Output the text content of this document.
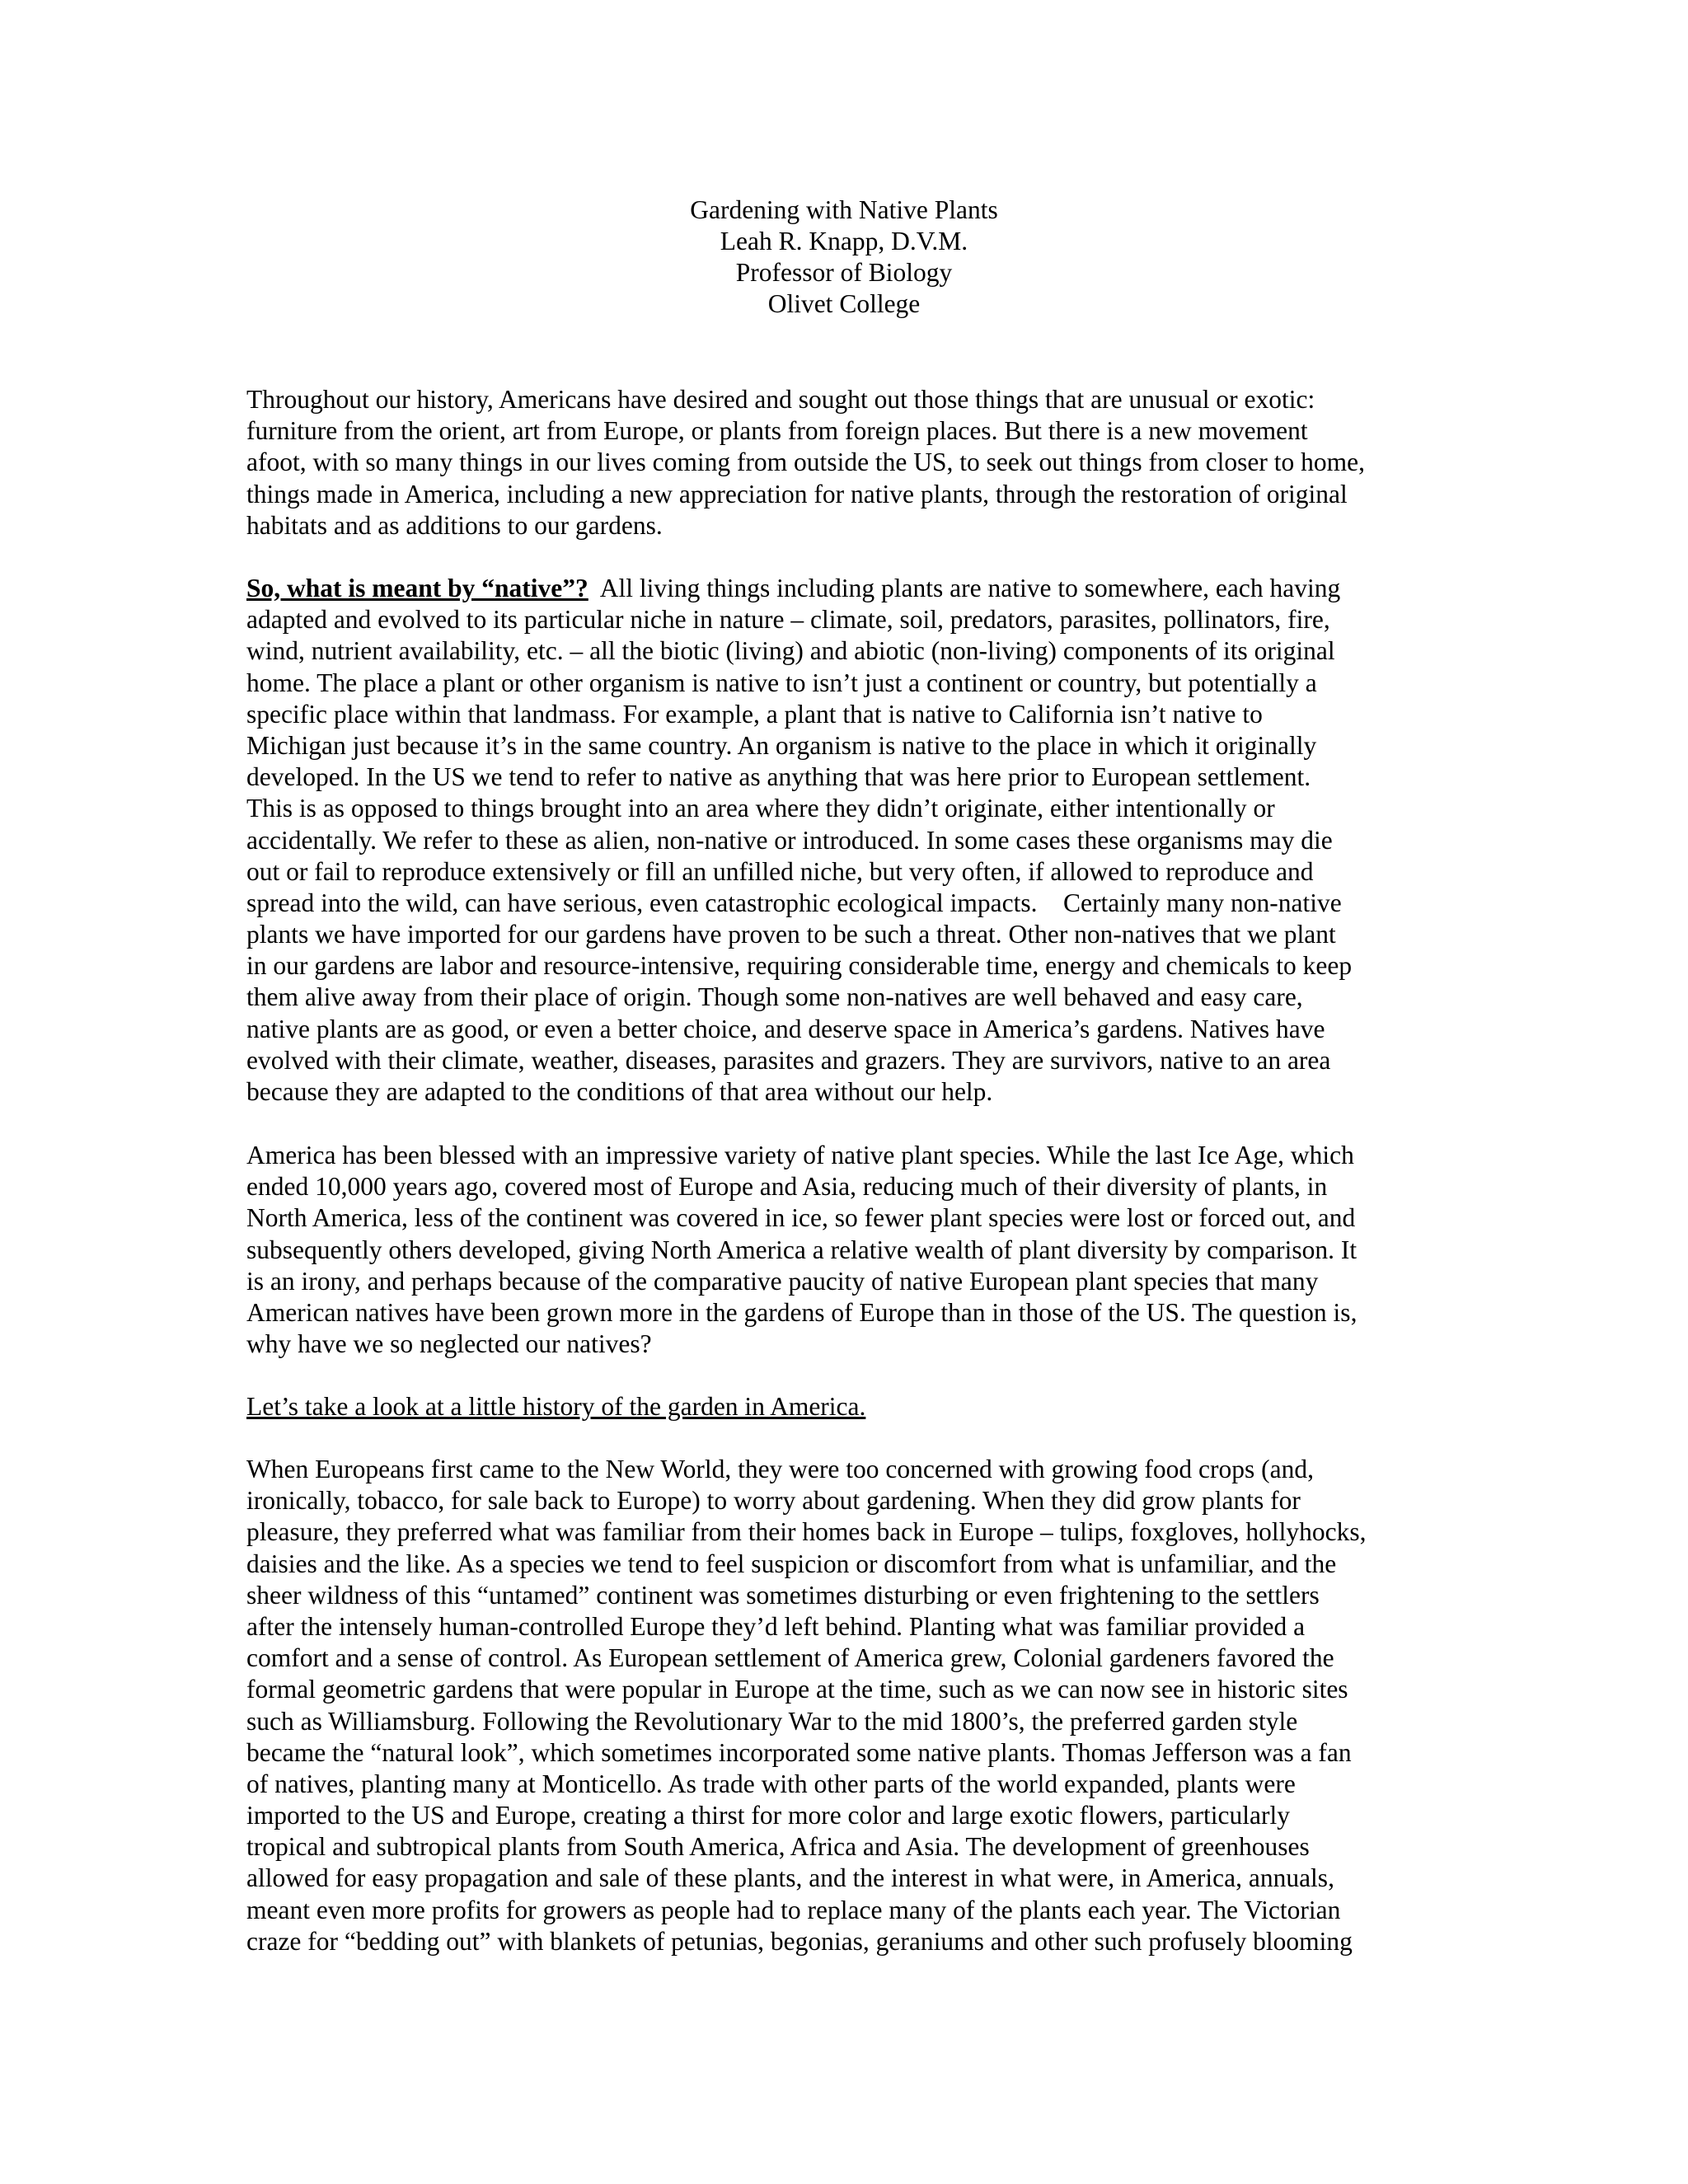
Gardening with Native Plants
Leah R. Knapp, D.V.M.
Professor of Biology
Olivet College
Throughout our history, Americans have desired and sought out those things that are unusual or exotic:
furniture from the orient, art from Europe, or plants from foreign places. But there is a new movement
afoot, with so many things in our lives coming from outside the US, to seek out things from closer to home,
things made in America, including a new appreciation for native plants, through the restoration of original
habitats and as additions to our gardens.
So, what is meant by “native”?  All living things including plants are native to somewhere, each having
adapted and evolved to its particular niche in nature – climate, soil, predators, parasites, pollinators, fire,
wind, nutrient availability, etc. – all the biotic (living) and abiotic (non-living) components of its original
home. The place a plant or other organism is native to isn’t just a continent or country, but potentially a
specific place within that landmass. For example, a plant that is native to California isn’t native to
Michigan just because it’s in the same country. An organism is native to the place in which it originally
developed. In the US we tend to refer to native as anything that was here prior to European settlement.
This is as opposed to things brought into an area where they didn’t originate, either intentionally or
accidentally. We refer to these as alien, non-native or introduced. In some cases these organisms may die
out or fail to reproduce extensively or fill an unfilled niche, but very often, if allowed to reproduce and
spread into the wild, can have serious, even catastrophic ecological impacts.    Certainly many non-native
plants we have imported for our gardens have proven to be such a threat. Other non-natives that we plant
in our gardens are labor and resource-intensive, requiring considerable time, energy and chemicals to keep
them alive away from their place of origin. Though some non-natives are well behaved and easy care,
native plants are as good, or even a better choice, and deserve space in America’s gardens. Natives have
evolved with their climate, weather, diseases, parasites and grazers. They are survivors, native to an area
because they are adapted to the conditions of that area without our help.
America has been blessed with an impressive variety of native plant species. While the last Ice Age, which
ended 10,000 years ago, covered most of Europe and Asia, reducing much of their diversity of plants, in
North America, less of the continent was covered in ice, so fewer plant species were lost or forced out, and
subsequently others developed, giving North America a relative wealth of plant diversity by comparison. It
is an irony, and perhaps because of the comparative paucity of native European plant species that many
American natives have been grown more in the gardens of Europe than in those of the US. The question is,
why have we so neglected our natives?
Let’s take a look at a little history of the garden in America.
When Europeans first came to the New World, they were too concerned with growing food crops (and,
ironically, tobacco, for sale back to Europe) to worry about gardening. When they did grow plants for
pleasure, they preferred what was familiar from their homes back in Europe – tulips, foxgloves, hollyhocks,
daisies and the like. As a species we tend to feel suspicion or discomfort from what is unfamiliar, and the
sheer wildness of this “untamed” continent was sometimes disturbing or even frightening to the settlers
after the intensely human-controlled Europe they’d left behind. Planting what was familiar provided a
comfort and a sense of control. As European settlement of America grew, Colonial gardeners favored the
formal geometric gardens that were popular in Europe at the time, such as we can now see in historic sites
such as Williamsburg. Following the Revolutionary War to the mid 1800’s, the preferred garden style
became the “natural look”, which sometimes incorporated some native plants. Thomas Jefferson was a fan
of natives, planting many at Monticello. As trade with other parts of the world expanded, plants were
imported to the US and Europe, creating a thirst for more color and large exotic flowers, particularly
tropical and subtropical plants from South America, Africa and Asia. The development of greenhouses
allowed for easy propagation and sale of these plants, and the interest in what were, in America, annuals,
meant even more profits for growers as people had to replace many of the plants each year. The Victorian
craze for “bedding out” with blankets of petunias, begonias, geraniums and other such profusely blooming
